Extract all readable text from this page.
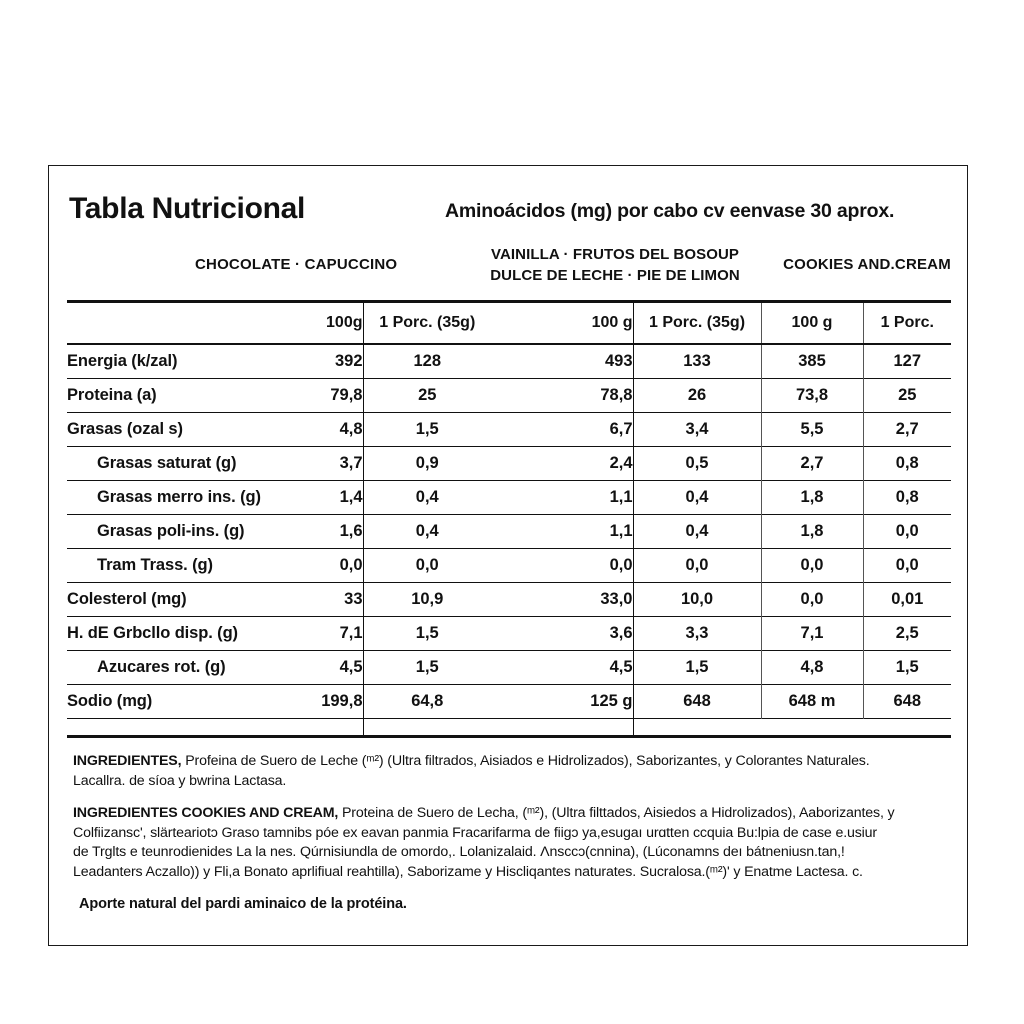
Tabla Nutricional	Aminoácidos (mg) por cabo cv eenvase 30 aprox.
CHOCOLATE · CAPUCCINO
VAINILLA · FRUTOS DEL BOSOUP
DULCE DE LECHE · PIE DE LIMON
COOKIES AND.CREAM

	100g	1 Porc. (35g)	100 g	1 Porc. (35g)	100 g	1 Porc.

Energia (k/zal)	392	128	493	133	385	127
Proteina (a)	79,8	25	78,8	26	73,8	25
Grasas (ozal s)	4,8	1,5	6,7	3,4	5,5	2,7
Grasas saturat (g)	3,7	0,9	2,4	0,5	2,7	0,8
Grasas merro ins. (g)	1,4	0,4	1,1	0,4	1,8	0,8
Grasas poli-ins. (g)	1,6	0,4	1,1	0,4	1,8	0,0
Tram Trass. (g)	0,0	0,0	0,0	0,0	0,0	0,0
Colesterol (mg)	33	10,9	33,0	10,0	0,0	0,01
H. dE Grbcllo disp. (g)	7,1	1,5	3,6	3,3	7,1	2,5
Azucares rot. (g)	4,5	1,5	4,5	1,5	4,8	1,5
Sodio (mg)	199,8	64,8	125 g	648	648 m	648

INGREDIENTES, Profeina de Suero de Leche (ᵐ²) (Ultra filtrados, Aisiados e Hidrolizados), Saborizantes, y Colorantes Naturales.
Lacallra. de síoa y bwrina Lactasa.
INGREDIENTES COOKIES AND CREAM, Proteina de Suero de Lecha, (ᵐ²), (Ultra filttados, Aisiedos a Hidrolizados), Aaborizantes, y
Colfiizansc', slärteariotɔ Graso tamnibs póe ex eavan panmia Fracarifarma de fiigɔ ya,esugaı urɑtten ccquia Bu:lpia de case e.usiur
de Trglts e teunrodienides La la nes. Qúrnisiundla de omordo,. Lolanizalaid. Ʌnsccɔ(cnnina), (Lúconamns deı bátneniusn.tan,!
Leadanters Aczallo)) y Fli,a Bonato aprlifiual reahtilla), Saborizame y Hiscliqantes naturates. Sucralosa.(ᵐ²)' y Enatme Lactesa. c.
Aporte natural del pardi aminaico de la protéina.
